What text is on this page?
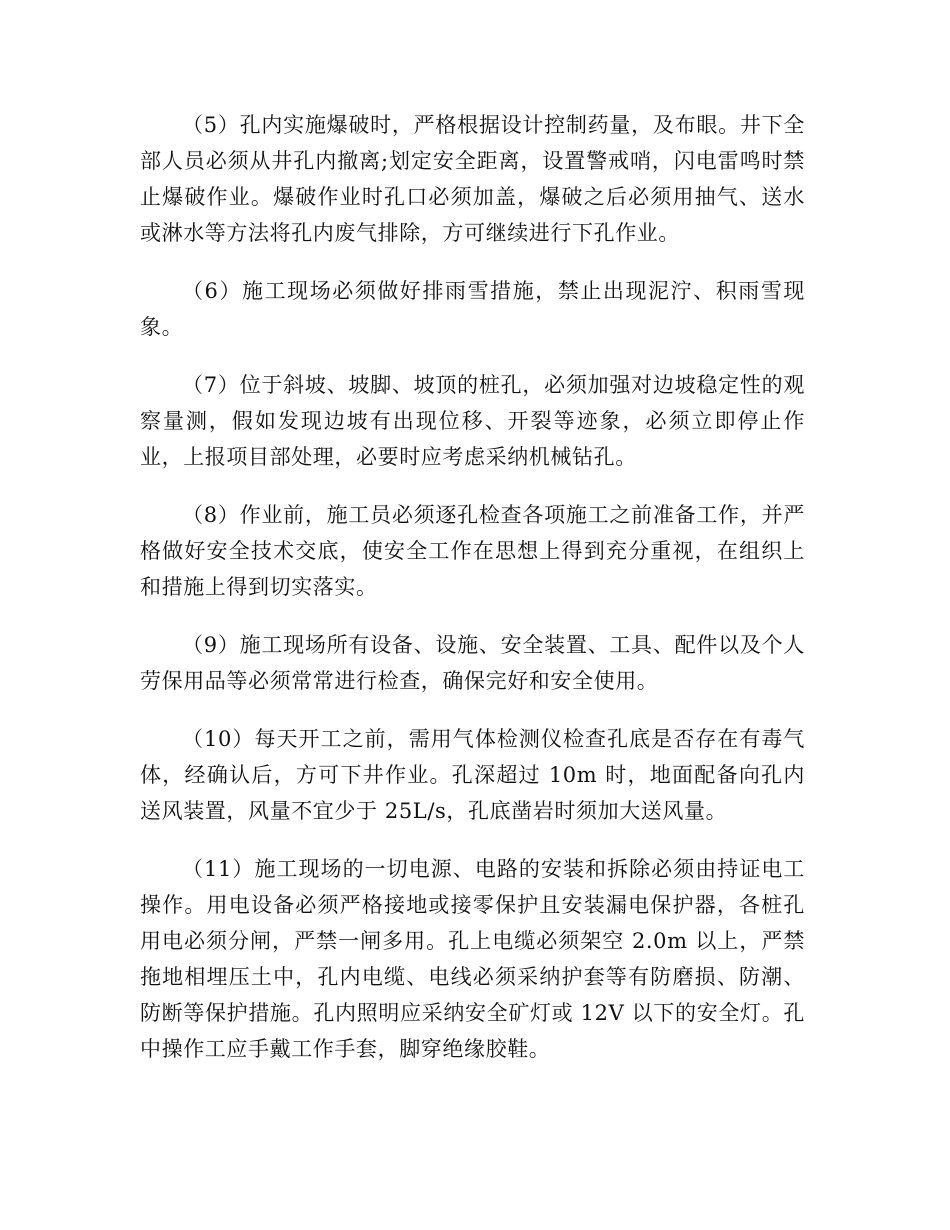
（5）孔内实施爆破时，严格根据设计控制药量，及布眼。井下全部人员必须从井孔内撤离;划定安全距离，设置警戒哨，闪电雷鸣时禁止爆破作业。爆破作业时孔口必须加盖，爆破之后必须用抽气、送水或淋水等方法将孔内废气排除，方可继续进行下孔作业。

（6）施工现场必须做好排雨雪措施，禁止出现泥泞、积雨雪现象。

（7）位于斜坡、坡脚、坡顶的桩孔，必须加强对边坡稳定性的观察量测，假如发现边坡有出现位移、开裂等迹象，必须立即停止作业，上报项目部处理，必要时应考虑采纳机械钻孔。

（8）作业前，施工员必须逐孔检查各项施工之前准备工作，并严格做好安全技术交底，使安全工作在思想上得到充分重视，在组织上和措施上得到切实落实。

（9）施工现场所有设备、设施、安全装置、工具、配件以及个人劳保用品等必须常常进行检查，确保完好和安全使用。

（10）每天开工之前，需用气体检测仪检查孔底是否存在有毒气体，经确认后，方可下井作业。孔深超过 10m 时，地面配备向孔内送风装置，风量不宜少于 25L/s，孔底凿岩时须加大送风量。

（11）施工现场的一切电源、电路的安装和拆除必须由持证电工操作。用电设备必须严格接地或接零保护且安装漏电保护器，各桩孔用电必须分闸，严禁一闸多用。孔上电缆必须架空 2.0m 以上，严禁拖地相埋压土中，孔内电缆、电线必须采纳护套等有防磨损、防潮、防断等保护措施。孔内照明应采纳安全矿灯或 12V 以下的安全灯。孔中操作工应手戴工作手套，脚穿绝缘胶鞋。
